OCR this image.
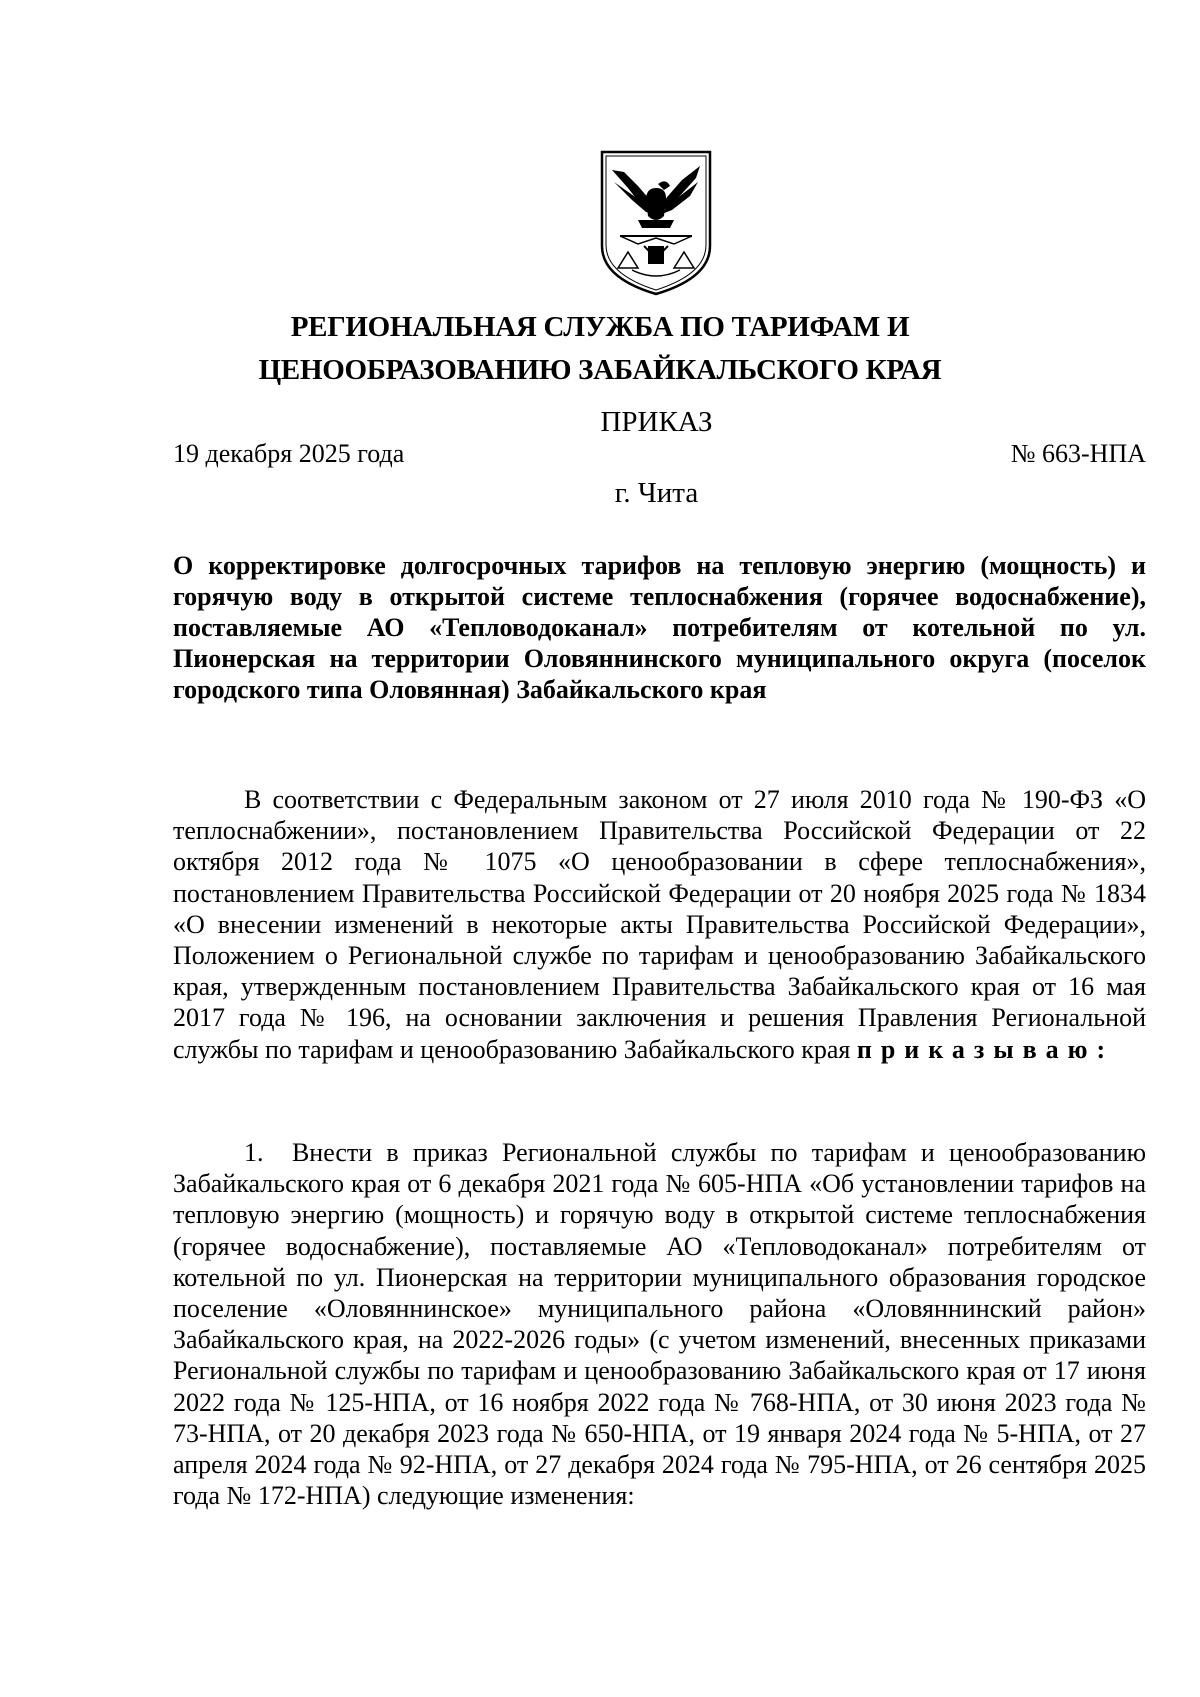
РЕГИОНАЛЬНАЯ СЛУЖБА ПО ТАРИФАМ И
ЦЕНООБРАЗОВАНИЮ ЗАБАЙКАЛЬСКОГО КРАЯ
ПРИКАЗ
19 декабря 2025 года	№ 663-НПА
г. Чита

О корректировке долгосрочных тарифов на тепловую энергию (мощность) и горячую воду в открытой системе теплоснабжения (горячее водоснабжение), поставляемые АО «Тепловодоканал» потребителям от котельной по ул. Пионерская на территории Оловяннинского муниципального округа (поселок городского типа Оловянная) Забайкальского края

В соответствии с Федеральным законом от 27 июля 2010 года № 190-ФЗ «О теплоснабжении», постановлением Правительства Российской Федерации от 22 октября 2012 года № 1075 «О ценообразовании в сфере теплоснабжения», постановлением Правительства Российской Федерации от 20 ноября 2025 года № 1834 «О внесении изменений в некоторые акты Правительства Российской Федерации», Положением о Региональной службе по тарифам и ценообразованию Забайкальского края, утвержденным постановлением Правительства Забайкальского края от 16 мая 2017 года № 196, на основании заключения и решения Правления Региональной службы по тарифам и ценообразованию Забайкальского края приказываю:

1. Внести в приказ Региональной службы по тарифам и ценообразованию Забайкальского края от 6 декабря 2021 года № 605-НПА «Об установлении тарифов на тепловую энергию (мощность) и горячую воду в открытой системе теплоснабжения (горячее водоснабжение), поставляемые АО «Тепловодоканал» потребителям от котельной по ул. Пионерская на территории муниципального образования городское поселение «Оловяннинское» муниципального района «Оловяннинский район» Забайкальского края, на 2022-2026 годы» (с учетом изменений, внесенных приказами Региональной службы по тарифам и ценообразованию Забайкальского края от 17 июня 2022 года № 125-НПА, от 16 ноября 2022 года № 768-НПА, от 30 июня 2023 года № 73-НПА, от 20 декабря 2023 года № 650-НПА, от 19 января 2024 года № 5-НПА, от 27 апреля 2024 года № 92-НПА, от 27 декабря 2024 года № 795-НПА, от 26 сентября 2025 года № 172-НПА) следующие изменения:
